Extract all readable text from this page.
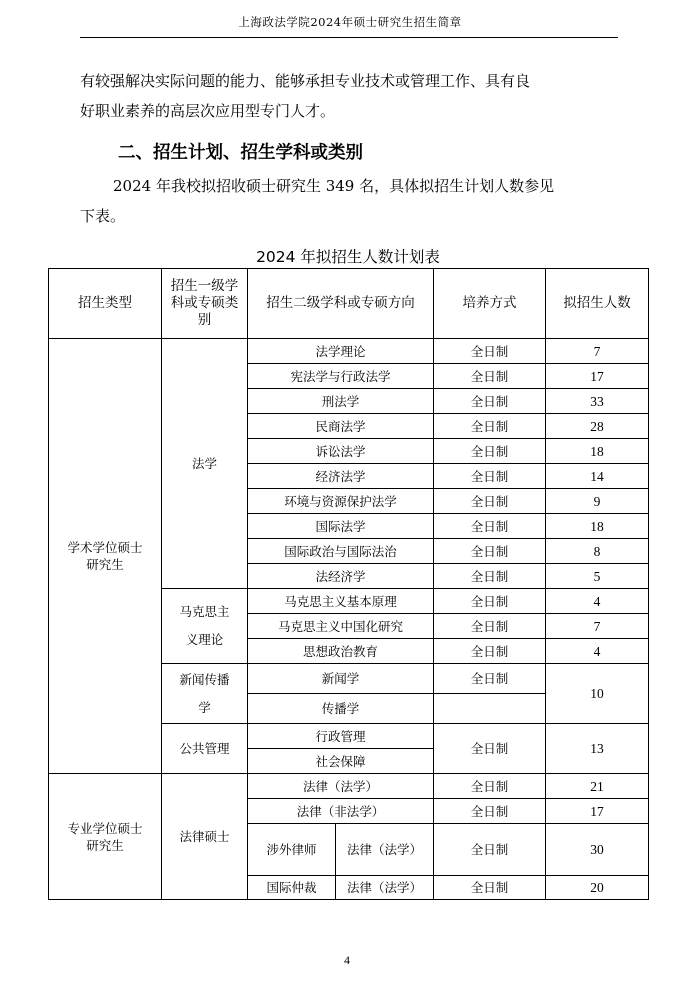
上海政法学院2024年硕士研究生招生简章
有较强解决实际问题的能力、能够承担专业技术或管理工作、具有良
好职业素养的高层次应用型专门人才。
二、招生计划、招生学科或类别
2024 年我校拟招收硕士研究生 349 名，具体拟招生计划人数参见
下表。
2024 年拟招生人数计划表
招生类型	招生一级学科或专硕类别	招生二级学科或专硕方向		培养方式	拟招生人数
学术学位硕士研究生	法学	法学理论		全日制	7
		宪法学与行政法学		全日制	17
		刑法学		全日制	33
		民商法学		全日制	28
		诉讼法学		全日制	18
		经济法学		全日制	14
		环境与资源保护法学		全日制	9
		国际法学		全日制	18
		国际政治与国际法治		全日制	8
		法经济学		全日制	5
	马克思主义理论	马克思主义基本原理		全日制	4
		马克思主义中国化研究		全日制	7
		思想政治教育		全日制	4
	新闻传播学	新闻学		全日制	10
		传播学			
	公共管理	行政管理		全日制	13
		社会保障			
专业学位硕士研究生	法律硕士	法律（法学）		全日制	21
		法律（非法学）		全日制	17
		涉外律师	法律（法学）	全日制	30
		国际仲裁	法律（法学）	全日制	20
4
